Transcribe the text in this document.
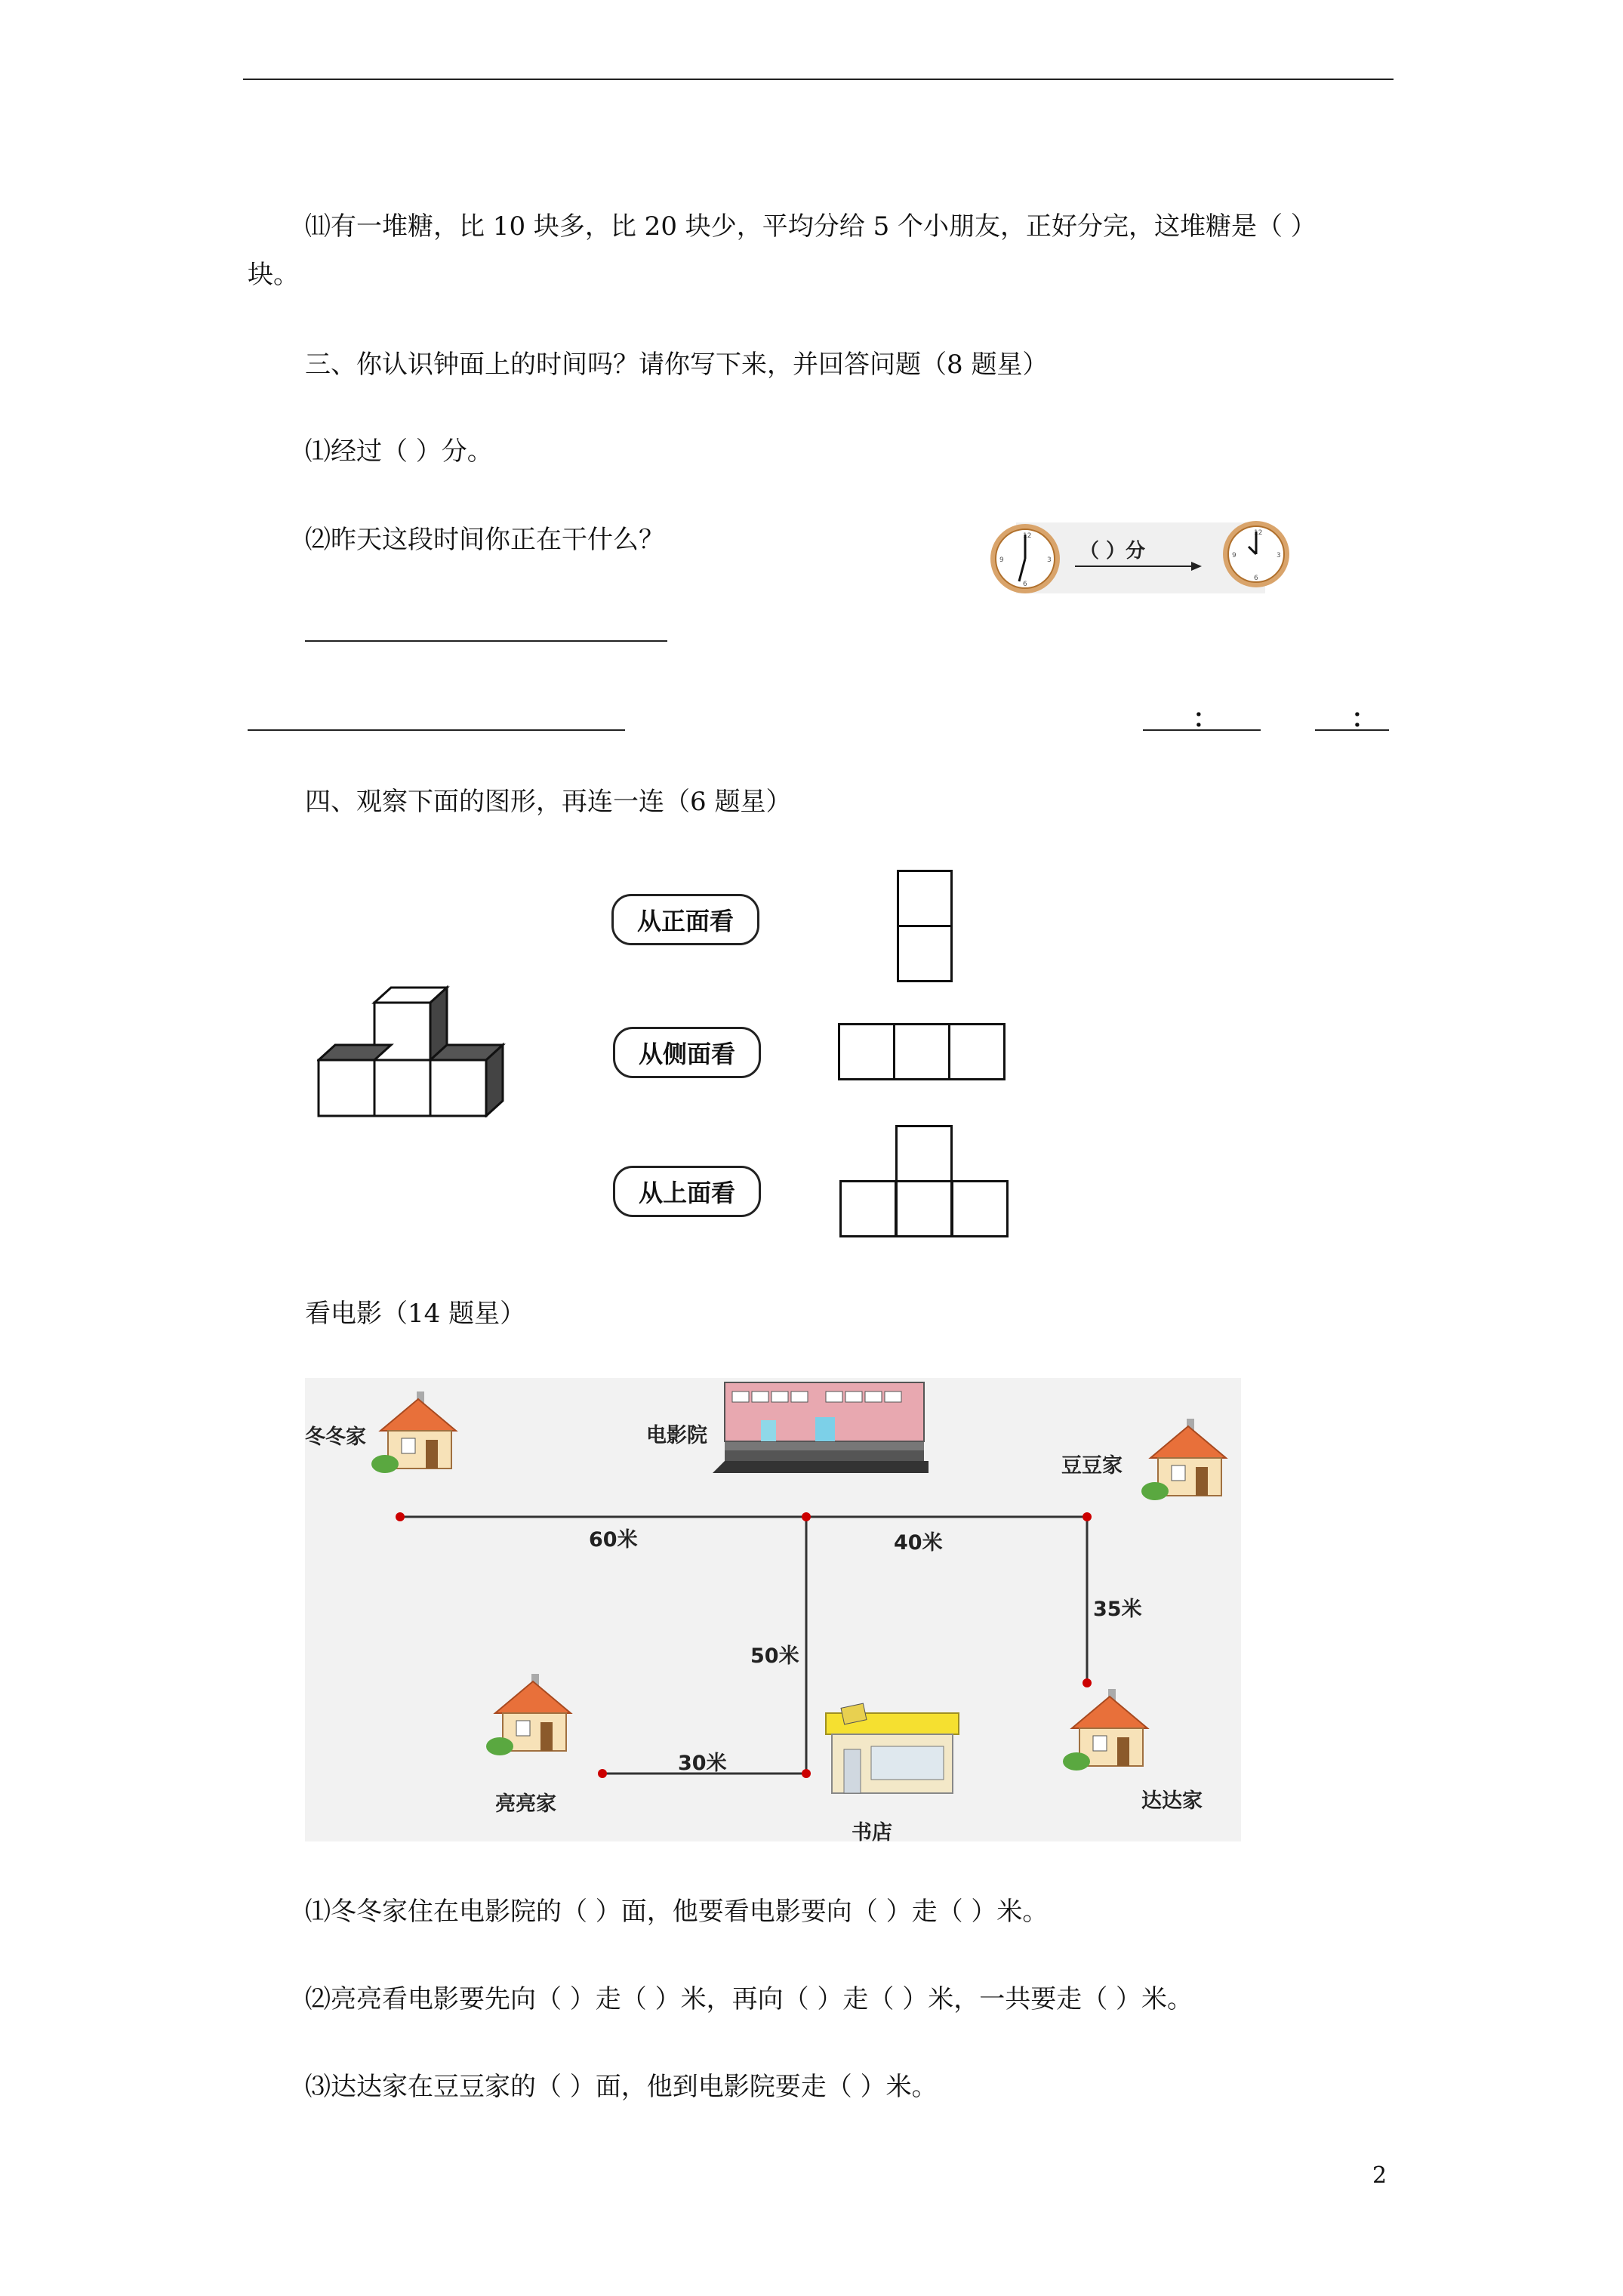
⑾有一堆糖，比 10 块多，比 20 块少，平均分给 5 个小朋友，正好分完，这堆糖是（ ）
块。
三、你认识钟面上的时间吗？请你写下来，并回答问题（8 题星）
⑴经过（ ）分。
⑵昨天这段时间你正在干什么？	12
3
6
9	（ ）分
12
3
6
9
：	：
四、观察下面的图形，再连一连（6 题星）
从正面看
从侧面看
从上面看
看电影（14 题星）
冬冬家	电影院
豆豆家
亮亮家
书店
达达家
60米	40米
35米
50米
30米
⑴冬冬家住在电影院的（ ）面，他要看电影要向（ ）走（ ）米。
⑵亮亮看电影要先向（ ）走（ ）米，再向（ ）走（ ）米，一共要走（ ）米。
⑶达达家在豆豆家的（ ）面，他到电影院要走（ ）米。
2
